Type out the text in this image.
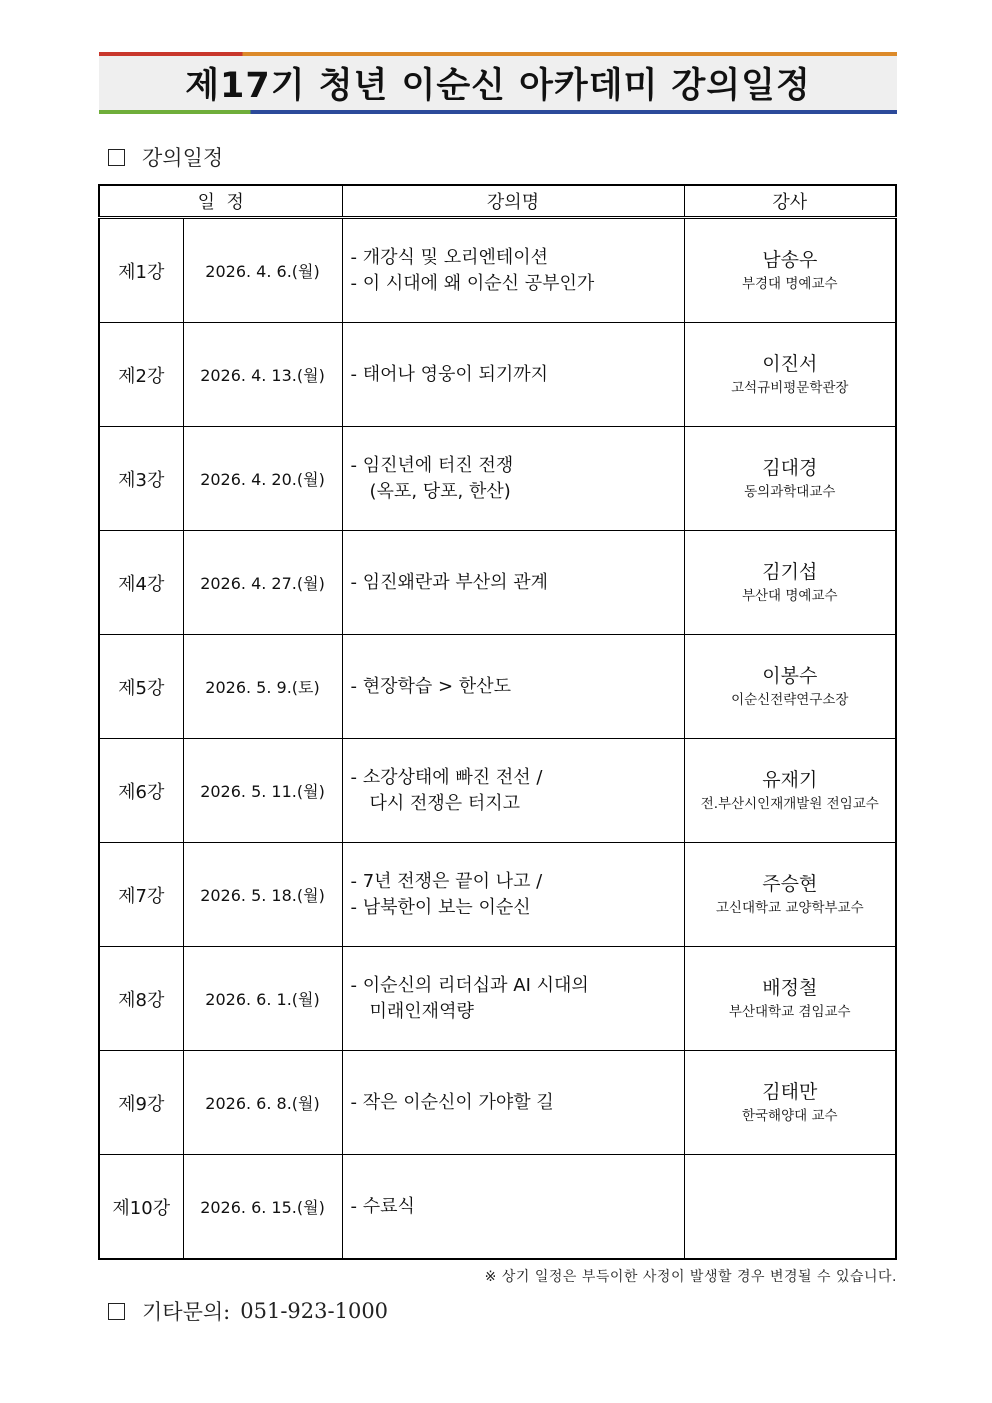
제17기 청년 이순신 아카데미 강의일정
강의일정
일  정		강의명	강사
제1강	2026. 4. 6.(월)	- 개강식 및 오리엔테이션
- 이 시대에 왜 이순신 공부인가	남송우
부경대 명예교수

제2강	2026. 4. 13.(월)	- 태어나 영웅이 되기까지	이진서
고석규비평문학관장

제3강	2026. 4. 20.(월)	- 임진년에 터진 전쟁
(옥포, 당포, 한산)	김대경
동의과학대교수

제4강	2026. 4. 27.(월)	- 임진왜란과 부산의 관계	김기섭
부산대 명예교수

제5강	2026. 5. 9.(토)	- 현장학습 > 한산도	이봉수
이순신전략연구소장

제6강	2026. 5. 11.(월)	- 소강상태에 빠진 전선 /
다시 전쟁은 터지고	유재기
전.부산시인재개발원 전임교수

제7강	2026. 5. 18.(월)	- 7년 전쟁은 끝이 나고 /
- 남북한이 보는 이순신	주승현
고신대학교 교양학부교수

제8강	2026. 6. 1.(월)	- 이순신의 리더십과 AI 시대의
미래인재역량	배정철
부산대학교 겸임교수

제9강	2026. 6. 8.(월)	- 작은 이순신이 가야할 길	김태만
한국해양대 교수

제10강	2026. 6. 15.(월)	- 수료식	

※ 상기 일정은 부득이한 사정이 발생할 경우 변경될 수 있습니다.
기타문의: 051-923-1000
